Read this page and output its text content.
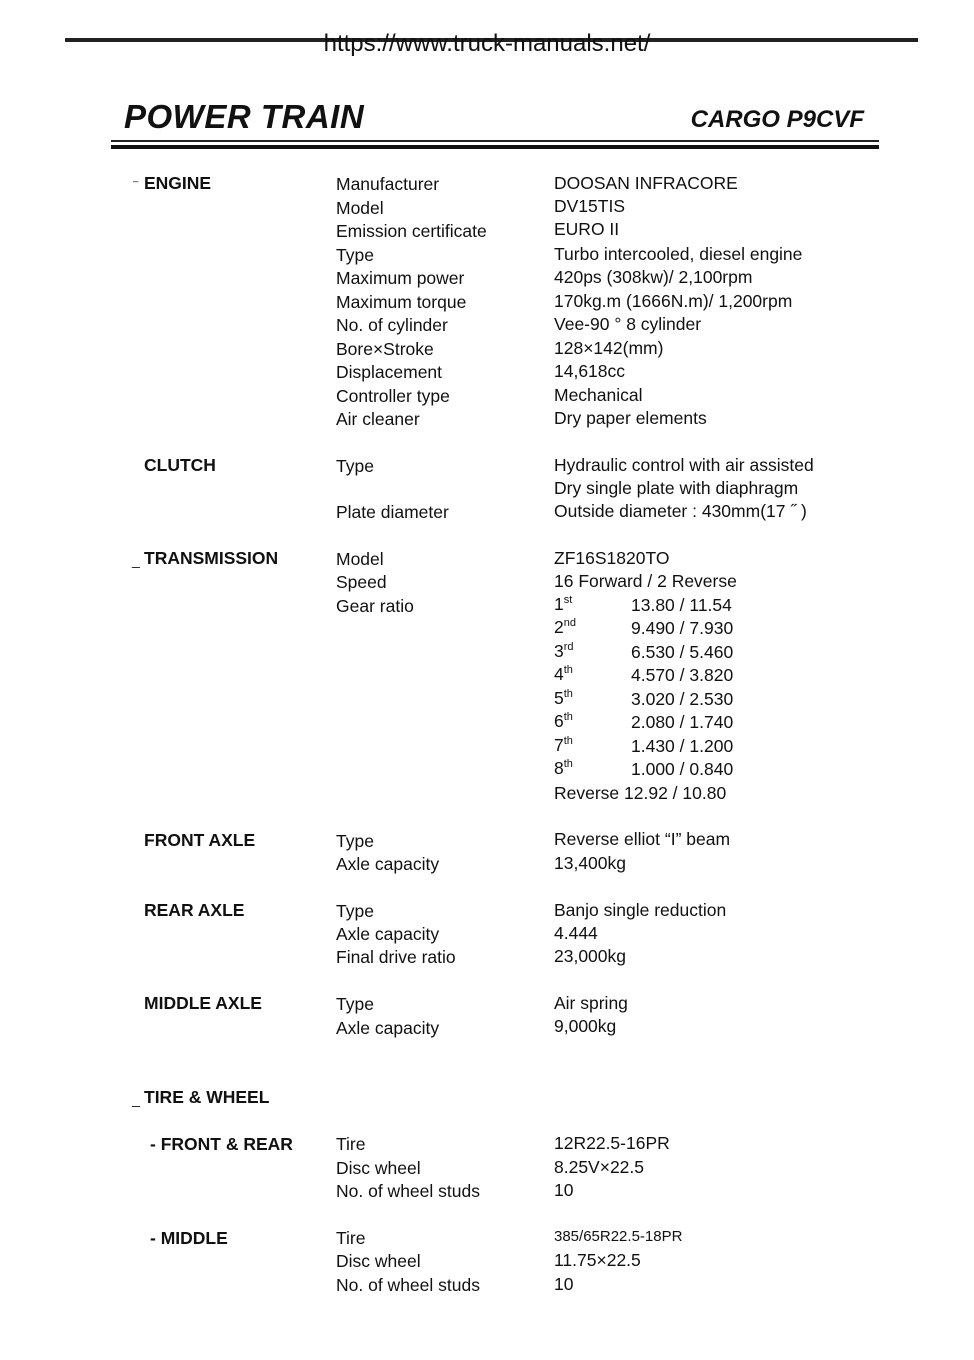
https://www.truck-manuals.net/
POWER TRAIN	CARGO P9CVF
⁻ ENGINE	Manufacturer	DOOSAN INFRACORE
Model	DV15TIS
Emission certificate	EURO II
Type	Turbo intercooled, diesel engine
Maximum power	420ps (308kw)/ 2,100rpm
Maximum torque	170kg.m (1666N.m)/ 1,200rpm
No. of cylinder	Vee-90 ° 8 cylinder
Bore×Stroke	128×142(mm)
Displacement	14,618cc
Controller type	Mechanical
Air cleaner	Dry paper elements
CLUTCH	Type	Hydraulic control with air assisted
Dry single plate with diaphragm
Plate diameter	Outside diameter : 430mm(17 ˝ )
_ TRANSMISSION	Model	ZF16S1820TO
Speed	16 Forward / 2 Reverse
Gear ratio	1st	13.80 / 11.54
2nd	9.490 / 7.930
3rd	6.530 / 5.460
4th	4.570 / 3.820
5th	3.020 / 2.530
6th	2.080 / 1.740
7th	1.430 / 1.200
8th	1.000 / 0.840
Reverse 12.92 / 10.80
FRONT AXLE	Type	Reverse elliot “I” beam
Axle capacity	13,400kg
REAR AXLE	Type	Banjo single reduction
Axle capacity	4.444
Final drive ratio	23,000kg
MIDDLE AXLE	Type	Air spring
Axle capacity	9,000kg
_ TIRE & WHEEL
- FRONT & REAR Tire	12R22.5-16PR
Disc wheel	8.25V×22.5
No. of wheel studs	10
- MIDDLE	Tire	385/65R22.5-18PR
Disc wheel	11.75×22.5
No. of wheel studs	10
